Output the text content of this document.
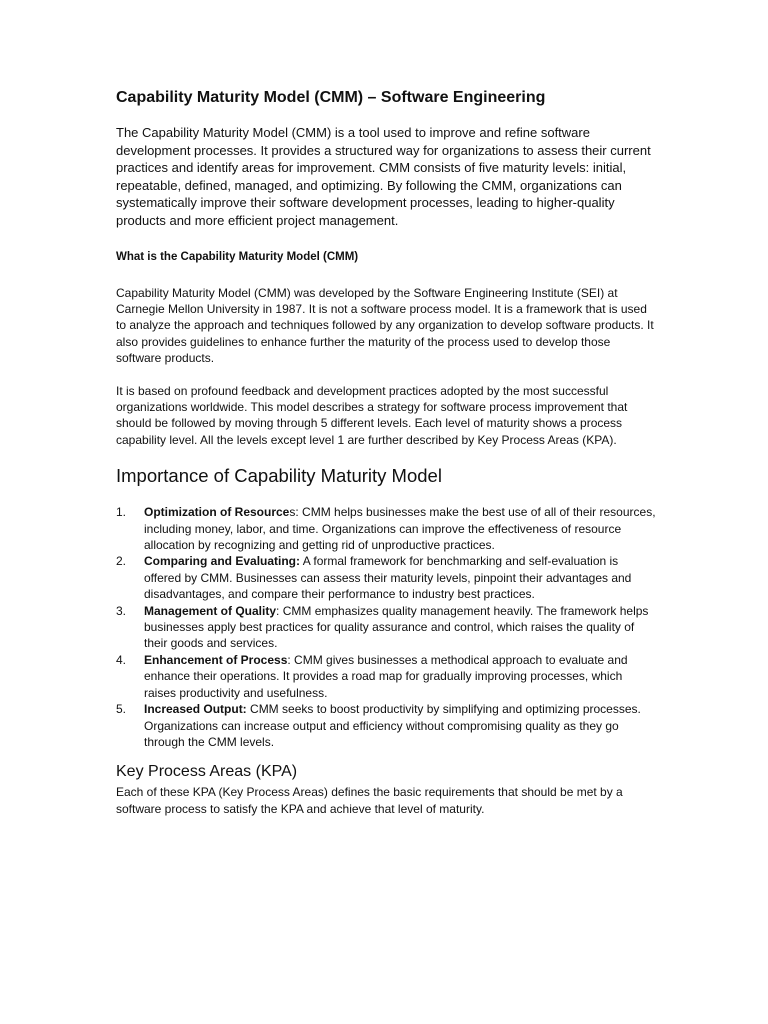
Capability Maturity Model (CMM) – Software Engineering

The Capability Maturity Model (CMM) is a tool used to improve and refine software development processes. It provides a structured way for organizations to assess their current practices and identify areas for improvement. CMM consists of five maturity levels: initial, repeatable, defined, managed, and optimizing. By following the CMM, organizations can systematically improve their software development processes, leading to higher-quality products and more efficient project management.

What is the Capability Maturity Model (CMM)

Capability Maturity Model (CMM) was developed by the Software Engineering Institute (SEI) at Carnegie Mellon University in 1987. It is not a software process model. It is a framework that is used to analyze the approach and techniques followed by any organization to develop software products. It also provides guidelines to enhance further the maturity of the process used to develop those software products.

It is based on profound feedback and development practices adopted by the most successful organizations worldwide. This model describes a strategy for software process improvement that should be followed by moving through 5 different levels. Each level of maturity shows a process capability level. All the levels except level 1 are further described by Key Process Areas (KPA).

Importance of Capability Maturity Model
1. Optimization of Resources: CMM helps businesses make the best use of all of their resources, including money, labor, and time. Organizations can improve the effectiveness of resource allocation by recognizing and getting rid of unproductive practices.
2. Comparing and Evaluating: A formal framework for benchmarking and self-evaluation is offered by CMM. Businesses can assess their maturity levels, pinpoint their advantages and disadvantages, and compare their performance to industry best practices.
3. Management of Quality: CMM emphasizes quality management heavily. The framework helps businesses apply best practices for quality assurance and control, which raises the quality of their goods and services.
4. Enhancement of Process: CMM gives businesses a methodical approach to evaluate and enhance their operations. It provides a road map for gradually improving processes, which raises productivity and usefulness.
5. Increased Output: CMM seeks to boost productivity by simplifying and optimizing processes. Organizations can increase output and efficiency without compromising quality as they go through the CMM levels.
Key Process Areas (KPA)

Each of these KPA (Key Process Areas) defines the basic requirements that should be met by a software process to satisfy the KPA and achieve that level of maturity.
